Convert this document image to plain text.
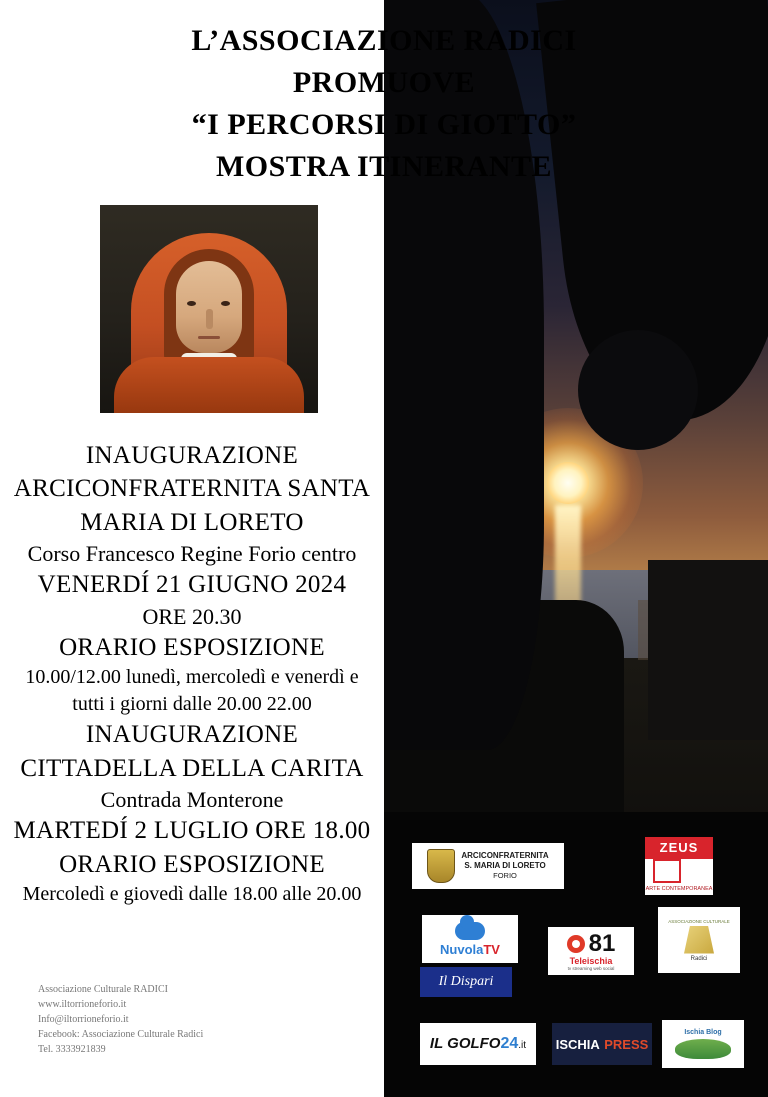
L’ASSOCIAZIONE RADICI
PROMUOVE
“I PERCORSI DI GIOTTO”
MOSTRA ITINERANTE
INAUGURAZIONE
ARCICONFRATERNITA SANTA
MARIA DI LORETO
Corso Francesco Regine Forio centro
VENERDÍ 21 GIUGNO 2024
ORE 20.30
ORARIO ESPOSIZIONE
10.00/12.00 lunedì, mercoledì e venerdì e
tutti i giorni dalle 20.00 22.00
INAUGURAZIONE
CITTADELLA DELLA CARITA
Contrada Monterone
MARTEDÍ 2 LUGLIO ORE 18.00
ORARIO ESPOSIZIONE
Mercoledì e giovedì dalle 18.00 alle 20.00
Associazione Culturale RADICI
www.iltorrioneforio.it
Info@iltorrioneforio.it
Facebook: Associazione Culturale Radici
Tel. 3333921839
ARCICONFRATERNITA
S. MARIA DI LORETO
FORIO
ZEUS
ARTE CONTEMPORANEA
NuvolaTV
Il Dispari
81
Teleischia
tv streaming web social
ASSOCIAZIONE CULTURALE
Radici
IL GOLFO 24 .it ISCHIA
PRESS
Ischia Blog
